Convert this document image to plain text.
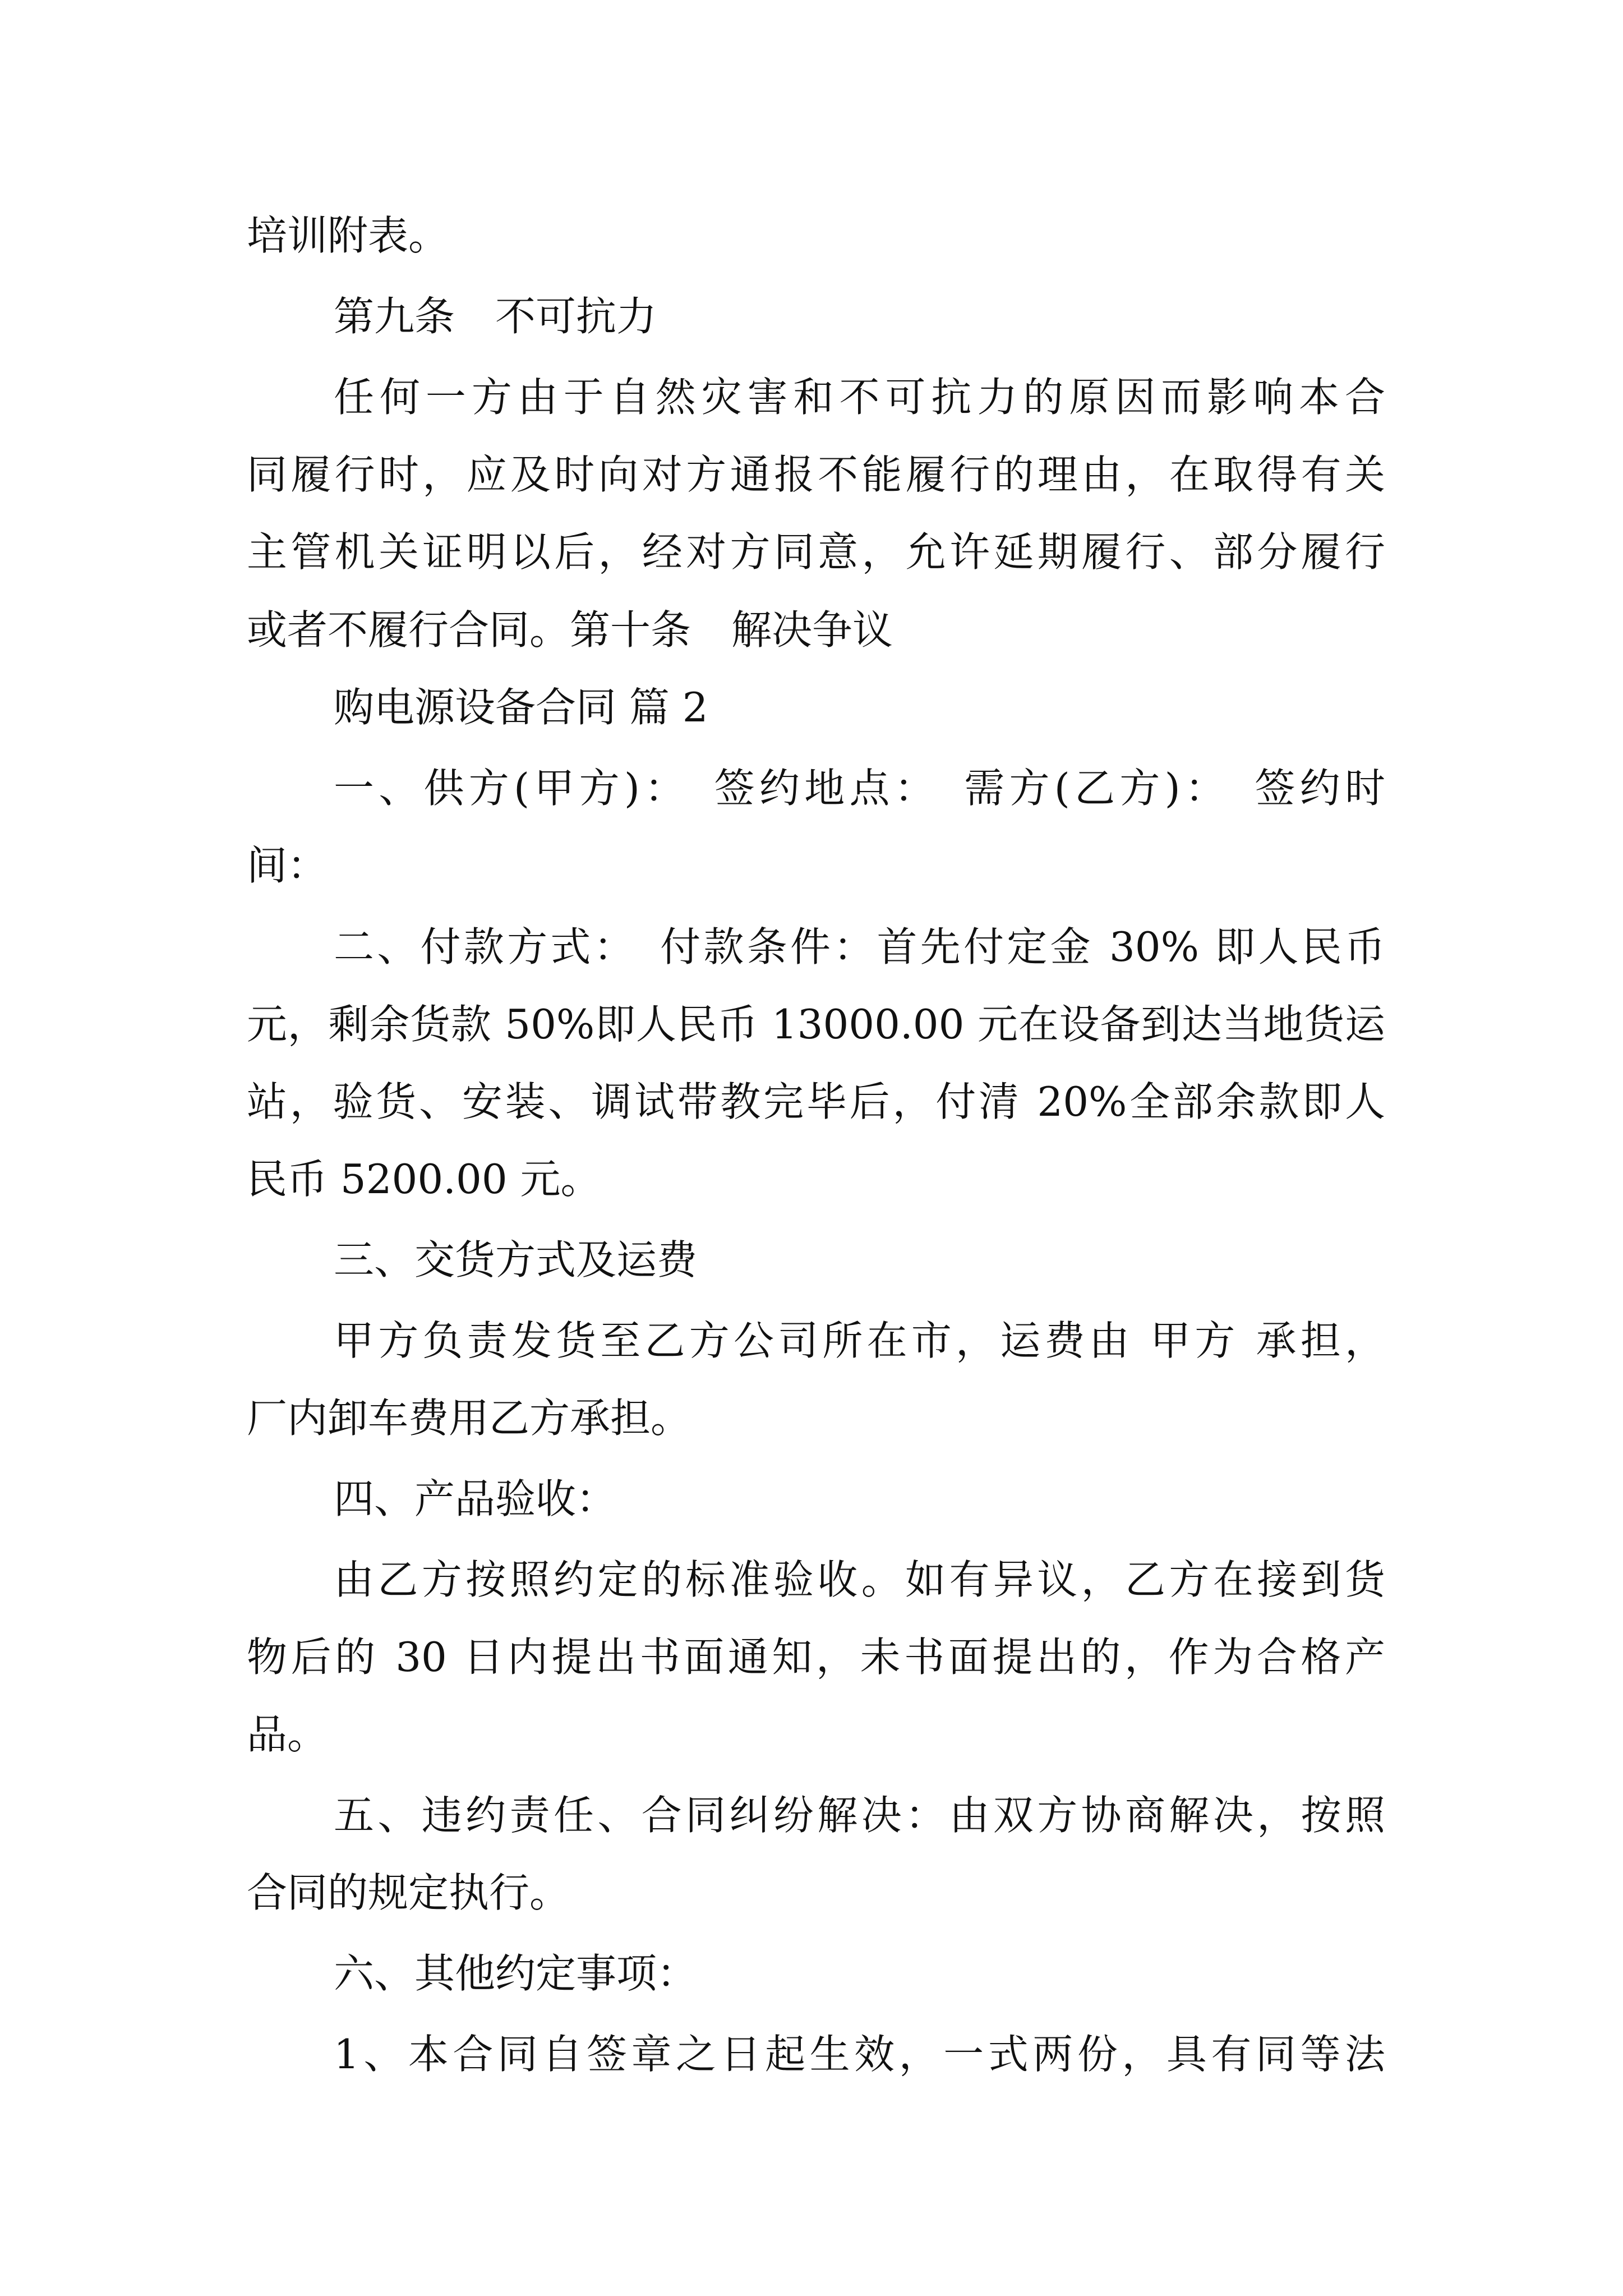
培训附表。

第九条　不可抗力

任何一方由于自然灾害和不可抗力的原因而影响本合

同履行时，应及时向对方通报不能履行的理由，在取得有关

主管机关证明以后，经对方同意，允许延期履行、部分履行

或者不履行合同。第十条　解决争议

购电源设备合同 篇 2

一、供方(甲方)：　签约地点：　需方(乙方)：　签约时

间：

二、付款方式：　付款条件：首先付定金 30% 即人民币

元，剩余货款 50%即人民币 13000.00 元在设备到达当地货运

站，验货、安装、调试带教完毕后，付清 20%全部余款即人

民币 5200.00 元。

三、交货方式及运费

甲方负责发货至乙方公司所在市，运费由 甲方 承担，

厂内卸车费用乙方承担。

四、产品验收：

由乙方按照约定的标准验收。如有异议，乙方在接到货

物后的 30 日内提出书面通知，未书面提出的，作为合格产

品。

五、违约责任、合同纠纷解决：由双方协商解决，按照

合同的规定执行。

六、其他约定事项：

1、本合同自签章之日起生效，一式两份，具有同等法
